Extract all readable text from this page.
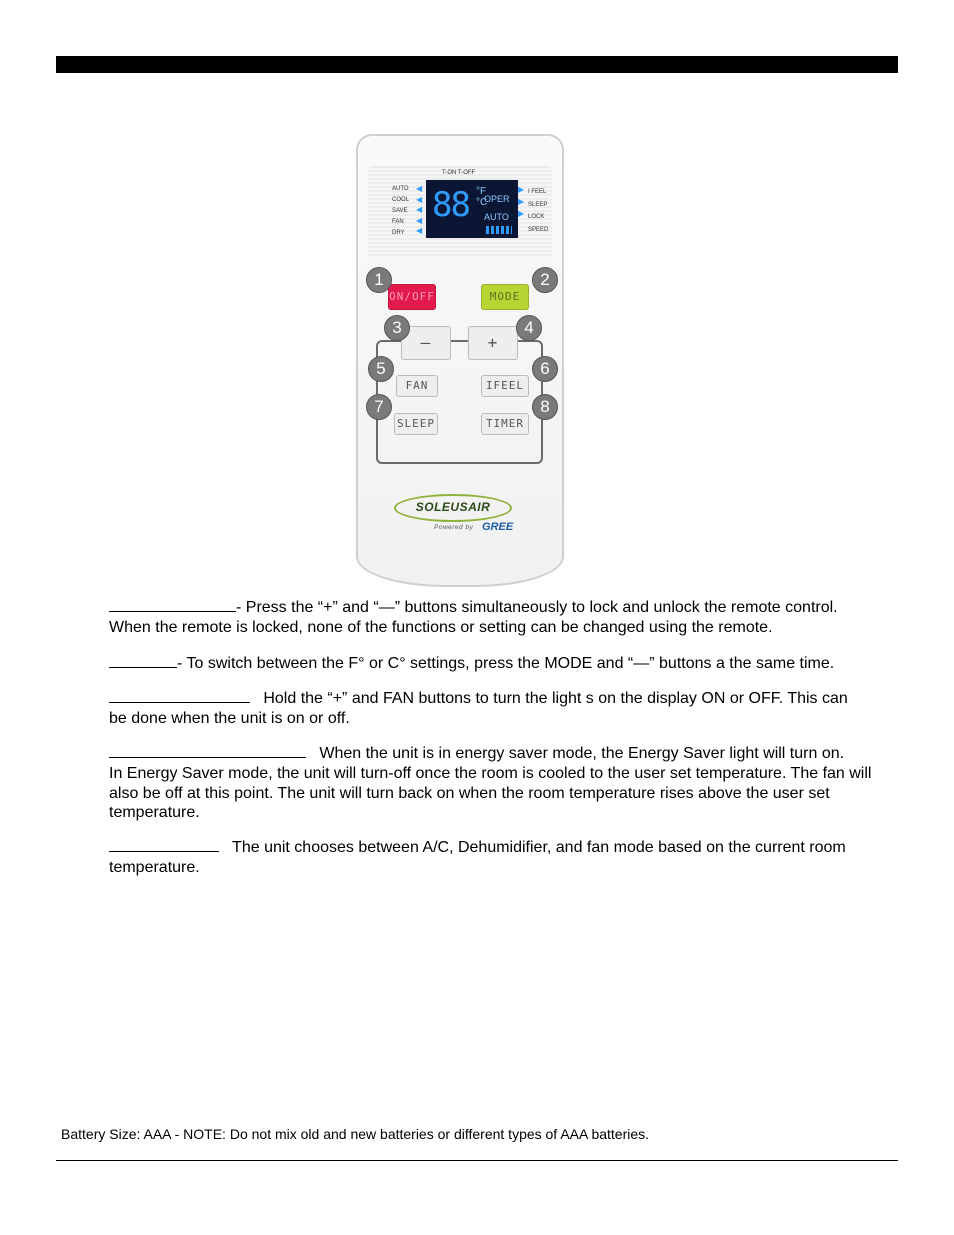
T-ON T-OFF
AUTO
COOL
SAVE
FAN
DRY
◀
◀
◀
◀
◀
88 °F
°C
OPER
AUTO
▶
▶
▶
I FEEL
SLEEP
LOCK
SPEED
ON/OFF	MODE
—	+
FAN	IFEEL
SLEEP	TIMER
1	2
3	4
5	6
7	8
SOLEUSAIR
Powered by GREE
- Press the “+” and “—” buttons simultaneously to lock and unlock the remote control.
When the remote is locked, none of the functions or setting can be changed using the remote.
- To switch between the F° or C° settings, press the MODE and “—” buttons a the same time.
Hold the “+” and FAN buttons to turn the light s on the display ON or OFF. This can
be done when the unit is on or off.
When the unit is in energy saver mode, the Energy Saver light will turn on.
In Energy Saver mode, the unit will turn-off once the room is cooled to the user set temperature. The fan will also be off at this point. The unit will turn back on when the room temperature rises above the user set temperature.
The unit chooses between A/C, Dehumidifier, and fan mode based on the current room
temperature.
Battery Size: AAA - NOTE: Do not mix old and new batteries or different types of AAA batteries.
